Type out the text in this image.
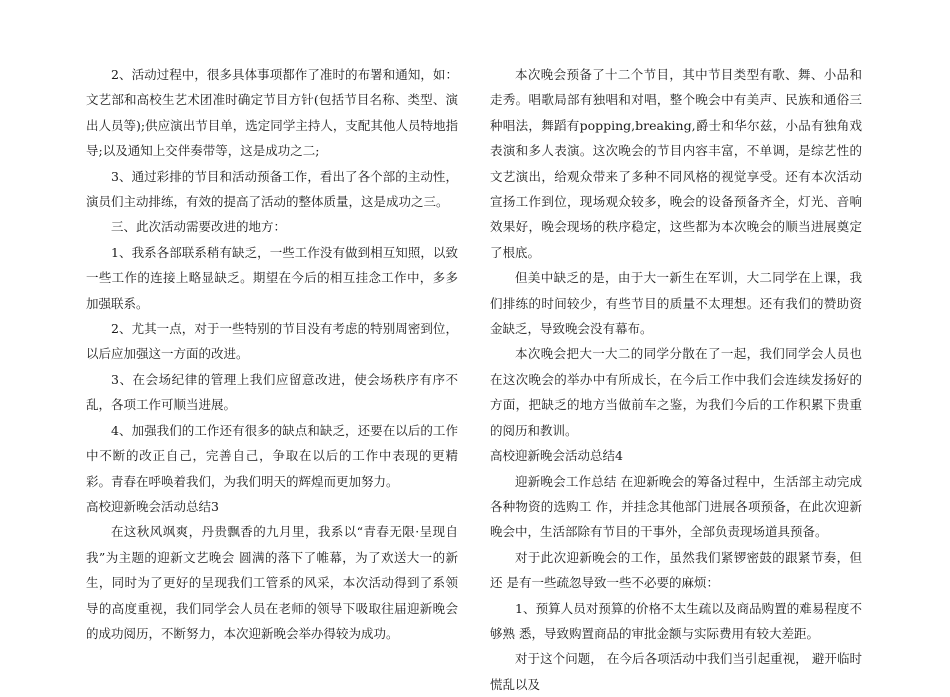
2、活动过程中，很多具体事项都作了准时的布署和通知，如：文艺部和高校生艺术团准时确定节目方针(包括节目名称、类型、演出人员等);供应演出节目单，选定同学主持人，支配其他人员特地指导;以及通知上交伴奏带等，这是成功之二;

3、通过彩排的节目和活动预备工作，看出了各个部的主动性，演员们主动排练，有效的提高了活动的整体质量，这是成功之三。

三、此次活动需要改进的地方：

1、我系各部联系稍有缺乏，一些工作没有做到相互知照，以致一些工作的连接上略显缺乏。期望在今后的相互挂念工作中，多多加强联系。

2、尤其一点，对于一些特别的节目没有考虑的特别周密到位，以后应加强这一方面的改进。

3、在会场纪律的管理上我们应留意改进，使会场秩序有序不乱，各项工作可顺当进展。

4、加强我们的工作还有很多的缺点和缺乏，还要在以后的工作中不断的改正自己，完善自己，争取在以后的工作中表现的更精彩。青春在呼唤着我们，为我们明天的辉煌而更加努力。

高校迎新晚会活动总结3

在这秋风飒爽，丹贵飘香的九月里，我系以“青春无限·呈现自我”为主题的迎新文艺晚会 圆满的落下了帷幕，为了欢送大一的新生，同时为了更好的呈现我们工管系的风采，本次活动得到了系领导的高度重视，我们同学会人员在老师的领导下吸取往届迎新晚会的成功阅历，不断努力，本次迎新晚会举办得较为成功。

本次晚会预备了十二个节目，其中节目类型有歌、舞、小品和走秀。唱歌局部有独唱和对唱，整个晚会中有美声、民族和通俗三种唱法，舞蹈有popping,breaking,爵士和华尔兹，小品有独角戏表演和多人表演。这次晚会的节目内容丰富，不单调，是综艺性的文艺演出，给观众带来了多种不同风格的视觉享受。还有本次活动宣扬工作到位，现场观众较多，晚会的设备预备齐全，灯光、音响效果好，晚会现场的秩序稳定，这些都为本次晚会的顺当进展奠定了根底。

但美中缺乏的是，由于大一新生在军训，大二同学在上课，我们排练的时间较少，有些节目的质量不太理想。还有我们的赞助资金缺乏，导致晚会没有幕布。

本次晚会把大一大二的同学分散在了一起，我们同学会人员也在这次晚会的举办中有所成长，在今后工作中我们会连续发扬好的方面，把缺乏的地方当做前车之鉴，为我们今后的工作积累下贵重的阅历和教训。

高校迎新晚会活动总结4

迎新晚会工作总结 在迎新晚会的筹备过程中，生活部主动完成各种物资的选购工 作，并挂念其他部门进展各项预备，在此次迎新晚会中，生活部除有节目的干事外，全部负责现场道具预备。

对于此次迎新晚会的工作，虽然我们紧锣密鼓的跟紧节奏，但还 是有一些疏忽导致一些不必要的麻烦：

1、预算人员对预算的价格不太生疏以及商品购置的难易程度不够熟 悉，导致购置商品的审批金额与实际费用有较大差距。

对于这个问题， 在今后各项活动中我们当引起重视， 避开临时慌乱以及
